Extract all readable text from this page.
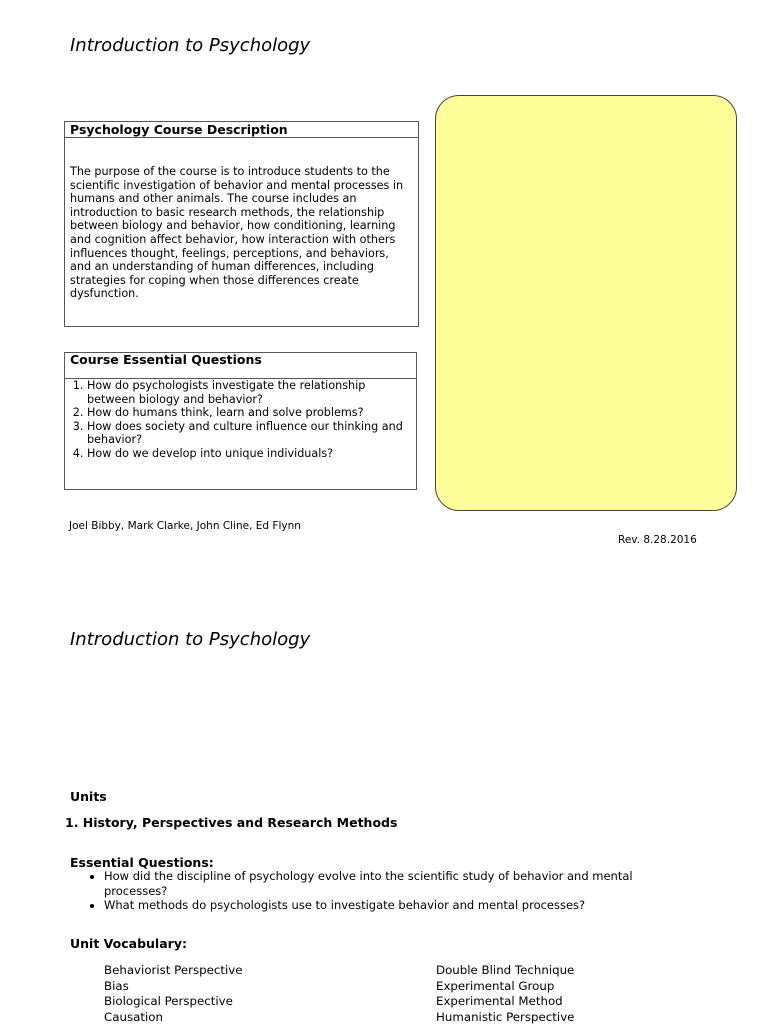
Introduction to Psychology
Psychology Course Description
The purpose of the course is to introduce students to the scientific investigation of behavior and mental processes in humans and other animals. The course includes an introduction to basic research methods, the relationship between biology and behavior, how conditioning, learning and cognition affect behavior, how interaction with others influences thought, feelings, perceptions, and behaviors, and an understanding of human differences, including strategies for coping when those differences create dysfunction.
Course Essential Questions
1. How do psychologists investigate the relationship between biology and behavior?
2. How do humans think, learn and solve problems?
3. How does society and culture influence our thinking and behavior?
4. How do we develop into unique individuals?
Joel Bibby, Mark Clarke, John Cline, Ed Flynn
Rev. 8.28.2016
Introduction to Psychology
Units
1. History, Perspectives and Research Methods
Essential Questions:
• How did the discipline of psychology evolve into the scientific study of behavior and mental processes?
• What methods do psychologists use to investigate behavior and mental processes?
Unit Vocabulary:
Behaviorist Perspective
Bias
Biological Perspective
Causation
Double Blind Technique
Experimental Group
Experimental Method
Humanistic Perspective
